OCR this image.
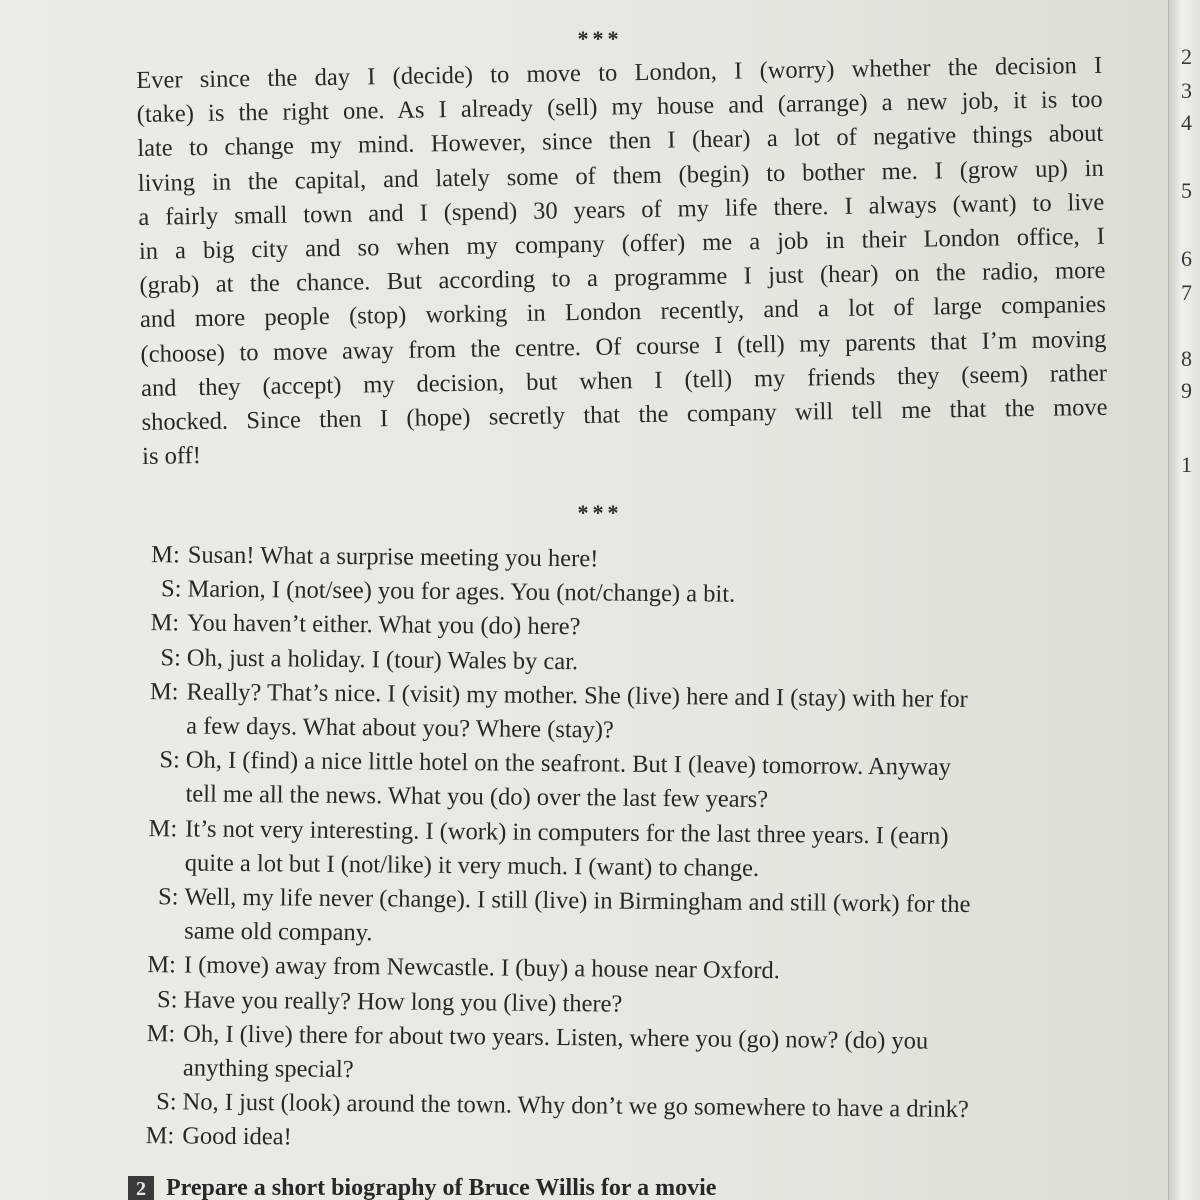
***
Ever since the day I (decide) to move to London, I (worry) whether the decision I
(take) is the right one. As I already (sell) my house and (arrange) a new job, it is too
late to change my mind. However, since then I (hear) a lot of negative things about
living in the capital, and lately some of them (begin) to bother me. I (grow up) in
a fairly small town and I (spend) 30 years of my life there. I always (want) to live
in a big city and so when my company (offer) me a job in their London office, I
(grab) at the chance. But according to a programme I just (hear) on the radio, more
and more people (stop) working in London recently, and a lot of large companies
(choose) to move away from the centre. Of course I (tell) my parents that I’m moving
and they (accept) my decision, but when I (tell) my friends they (seem) rather
shocked. Since then I (hope) secretly that the company will tell me that the move
is off!
***
M: Susan! What a surprise meeting you here!
S: Marion, I (not/see) you for ages. You (not/change) a bit.
M: You haven’t either. What you (do) here?
S: Oh, just a holiday. I (tour) Wales by car.
M: Really? That’s nice. I (visit) my mother. She (live) here and I (stay) with her for
a few days. What about you? Where (stay)?
S: Oh, I (find) a nice little hotel on the seafront. But I (leave) tomorrow. Anyway
tell me all the news. What you (do) over the last few years?
M: It’s not very interesting. I (work) in computers for the last three years. I (earn)
quite a lot but I (not/like) it very much. I (want) to change.
S: Well, my life never (change). I still (live) in Birmingham and still (work) for the
same old company.
M: I (move) away from Newcastle. I (buy) a house near Oxford.
S: Have you really? How long you (live) there?
M: Oh, I (live) there for about two years. Listen, where you (go) now? (do) you
anything special?
S: No, I just (look) around the town. Why don’t we go somewhere to have a drink?
M: Good idea!
2 Prepare a short biography of Bruce Willis for a movie
2
3
4
5
6
7
8
9
1
